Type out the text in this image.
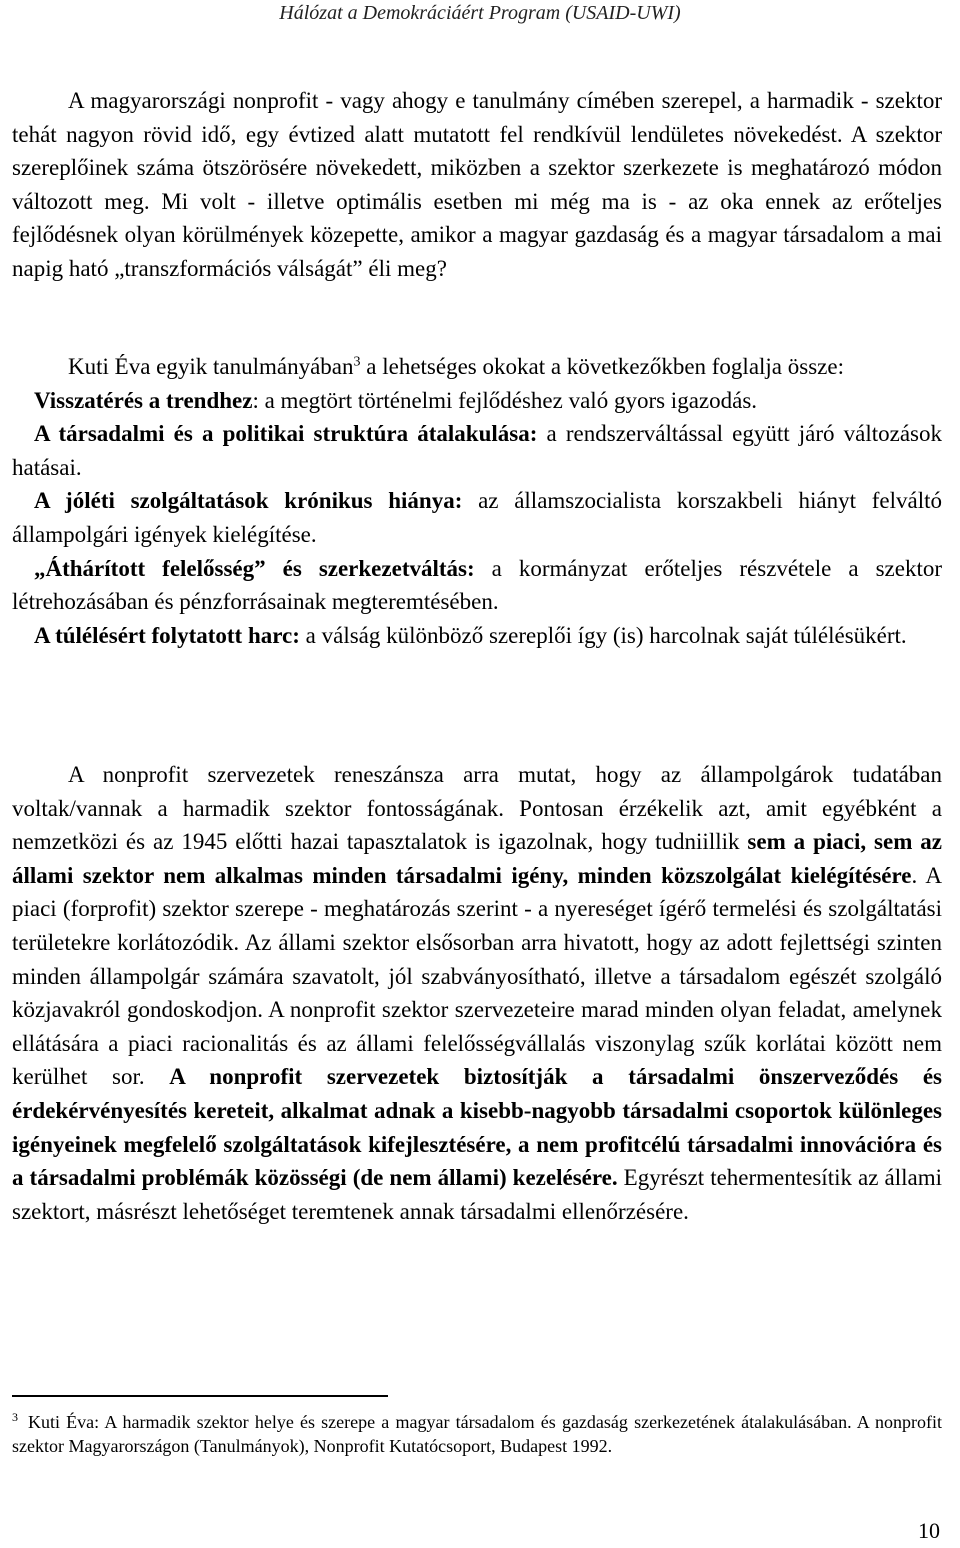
Hálózat a Demokráciáért Program (USAID-UWI)
A magyarországi nonprofit - vagy ahogy e tanulmány címében szerepel, a harmadik - szektor tehát nagyon rövid idő, egy évtized alatt mutatott fel rendkívül lendületes növekedést. A szektor szereplőinek száma ötszörösére növekedett, miközben a szektor szerkezete is meghatározó módon változott meg. Mi volt - illetve optimális esetben mi még ma is - az oka ennek az erőteljes fejlődésnek olyan körülmények közepette, amikor a magyar gazdaság és a magyar társadalom a mai napig ható „transzformációs válságát” éli meg?
Kuti Éva egyik tanulmányában$^3$ a lehetséges okokat a következőkben foglalja össze:
● Visszatérés a trendhez: a megtört történelmi fejlődéshez való gyors igazodás.
● A társadalmi és a politikai struktúra átalakulása: a rendszerváltással együtt járó változások hatásai.
● A jóléti szolgáltatások krónikus hiánya: az államszocialista korszakbeli hiányt felváltó állampolgári igények kielégítése.
● „Áthárított felelősség” és szerkezetváltás: a kormányzat erőteljes részvétele a szektor létrehozásában és pénzforrásainak megteremtésében.
● A túlélésért folytatott harc: a válság különböző szereplői így (is) harcolnak saját túlélésükért.
A nonprofit szervezetek reneszánsza arra mutat, hogy az állampolgárok tudatában voltak/vannak a harmadik szektor fontosságának. Pontosan érzékelik azt, amit egyébként a nemzetközi és az 1945 előtti hazai tapasztalatok is igazolnak, hogy tudniillik sem a piaci, sem az állami szektor nem alkalmas minden társadalmi igény, minden közszolgálat kielégítésére. A piaci (forprofit) szektor szerepe - meghatározás szerint - a nyereséget ígérő termelési és szolgáltatási területekre korlátozódik. Az állami szektor elsősorban arra hivatott, hogy az adott fejlettségi szinten minden állampolgár számára szavatolt, jól szabványosítható, illetve a társadalom egészét szolgáló közjavakról gondoskodjon. A nonprofit szektor szervezeteire marad minden olyan feladat, amelynek ellátására a piaci racionalitás és az állami felelősségvállalás viszonylag szűk korlátai között nem kerülhet sor. A nonprofit szervezetek biztosítják a társadalmi önszerveződés és érdekérvényesítés kereteit, alkalmat adnak a kisebb-nagyobb társadalmi csoportok különleges igényeinek megfelelő szolgáltatások kifejlesztésére, a nem profitcélú társadalmi innovációra és a társadalmi problémák közösségi (de nem állami) kezelésére. Egyrészt tehermentesítik az állami szektort, másrészt lehetőséget teremtenek annak társadalmi ellenőrzésére.
$^3$ Kuti Éva: A harmadik szektor helye és szerepe a magyar társadalom és gazdaság szerkezetének átalakulásában. A nonprofit szektor Magyarországon (Tanulmányok), Nonprofit Kutatócsoport, Budapest 1992.
10
